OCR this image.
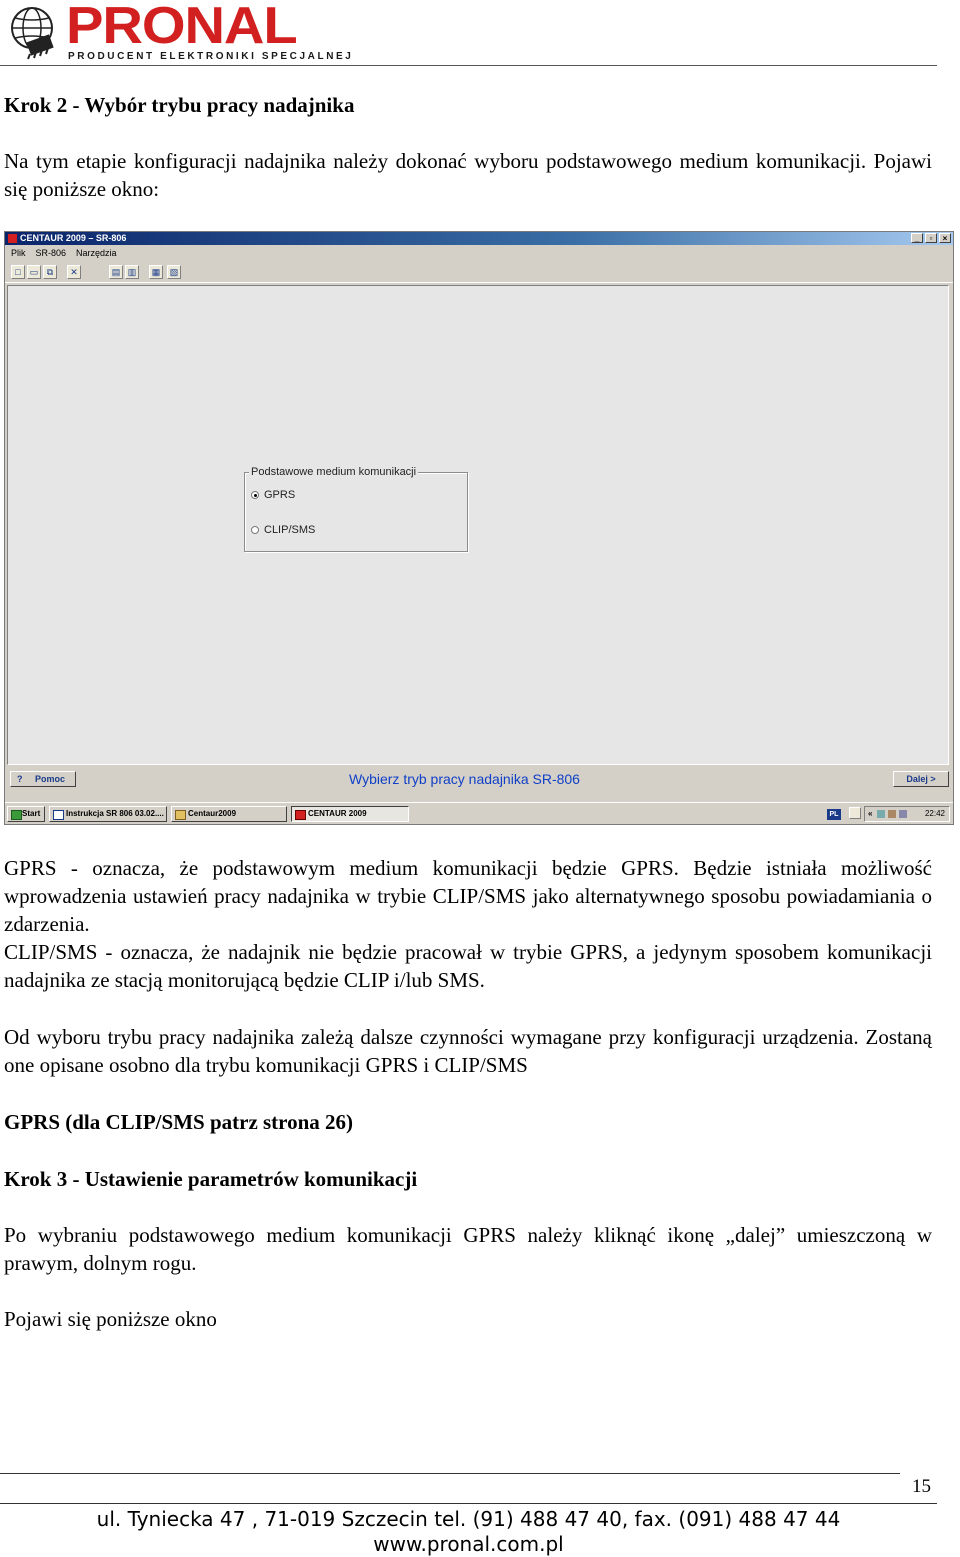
PRONAL
PRODUCENT ELEKTRONIKI SPECJALNEJ
Krok 2 - Wybór trybu pracy nadajnika
Na tym etapie konfiguracji nadajnika należy dokonać wyboru podstawowego medium komunikacji. Pojawi się poniższe okno:
CENTAUR 2009 – SR-806	_	▫	×
Plik	SR-806	Narzędzia
□	▭ ⧉	✕	▤ ▥	▦	▧
Podstawowe medium komunikacji
GPRS
CLIP/SMS
? Pomoc	Wybierz tryb pracy nadajnika SR-806	Dalej >
Start	Instrukcja SR 806 03.02....	Centaur2009	CENTAUR 2009	PL	«	22:42
GPRS - oznacza, że podstawowym medium komunikacji będzie GPRS. Będzie istniała możliwość wprowadzenia ustawień pracy nadajnika w trybie CLIP/SMS jako alternatywnego sposobu powiadamiania o zdarzenia.
CLIP/SMS - oznacza, że nadajnik nie będzie pracował w trybie GPRS, a jedynym sposobem komunikacji nadajnika ze stacją monitorującą będzie CLIP i/lub SMS.
Od wyboru trybu pracy nadajnika zależą dalsze czynności wymagane przy konfiguracji urządzenia. Zostaną one opisane osobno dla trybu komunikacji GPRS i CLIP/SMS
GPRS (dla CLIP/SMS patrz strona 26)
Krok 3 - Ustawienie parametrów komunikacji
Po wybraniu podstawowego medium komunikacji GPRS należy kliknąć ikonę „dalej” umieszczoną w prawym, dolnym rogu.
Pojawi się poniższe okno
15
ul. Tyniecka 47 , 71-019 Szczecin tel. (91) 488 47 40, fax. (091) 488 47 44
www.pronal.com.pl
